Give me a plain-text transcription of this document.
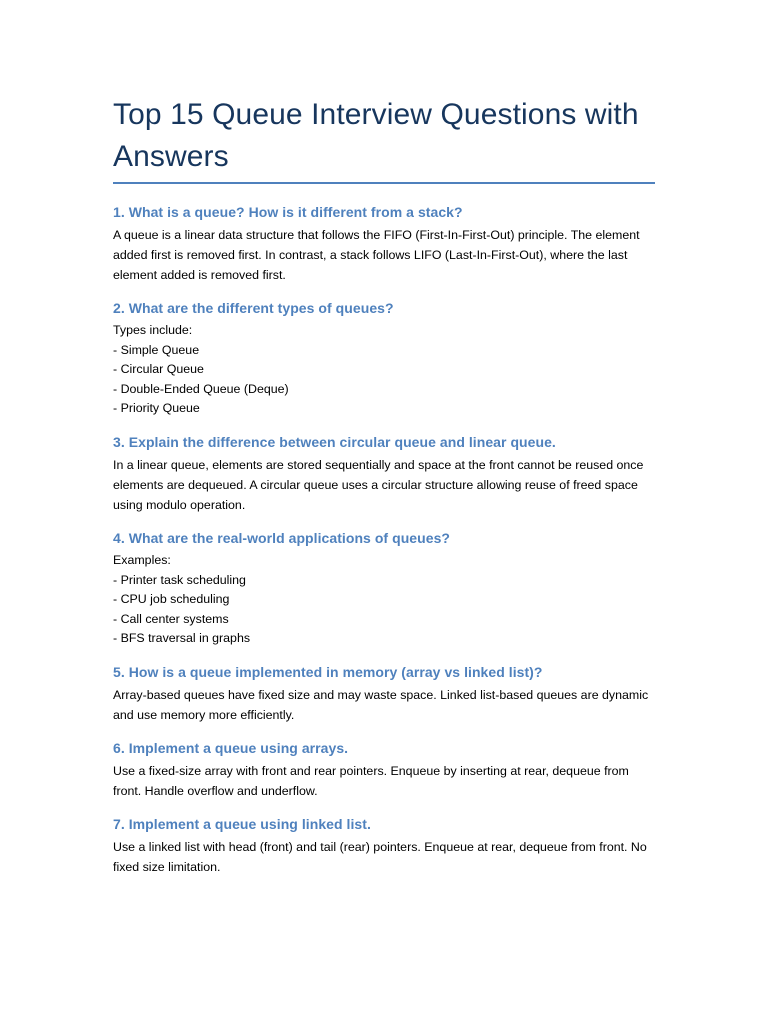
Top 15 Queue Interview Questions with Answers
1. What is a queue? How is it different from a stack?

A queue is a linear data structure that follows the FIFO (First-In-First-Out) principle. The element added first is removed first. In contrast, a stack follows LIFO (Last-In-First-Out), where the last element added is removed first.

2. What are the different types of queues?

Types include:
- Simple Queue
- Circular Queue
- Double-Ended Queue (Deque)
- Priority Queue

3. Explain the difference between circular queue and linear queue.

In a linear queue, elements are stored sequentially and space at the front cannot be reused once elements are dequeued. A circular queue uses a circular structure allowing reuse of freed space using modulo operation.

4. What are the real-world applications of queues?

Examples:
- Printer task scheduling
- CPU job scheduling
- Call center systems
- BFS traversal in graphs

5. How is a queue implemented in memory (array vs linked list)?

Array-based queues have fixed size and may waste space. Linked list-based queues are dynamic and use memory more efficiently.

6. Implement a queue using arrays.

Use a fixed-size array with front and rear pointers. Enqueue by inserting at rear, dequeue from front. Handle overflow and underflow.

7. Implement a queue using linked list.

Use a linked list with head (front) and tail (rear) pointers. Enqueue at rear, dequeue from front. No fixed size limitation.
